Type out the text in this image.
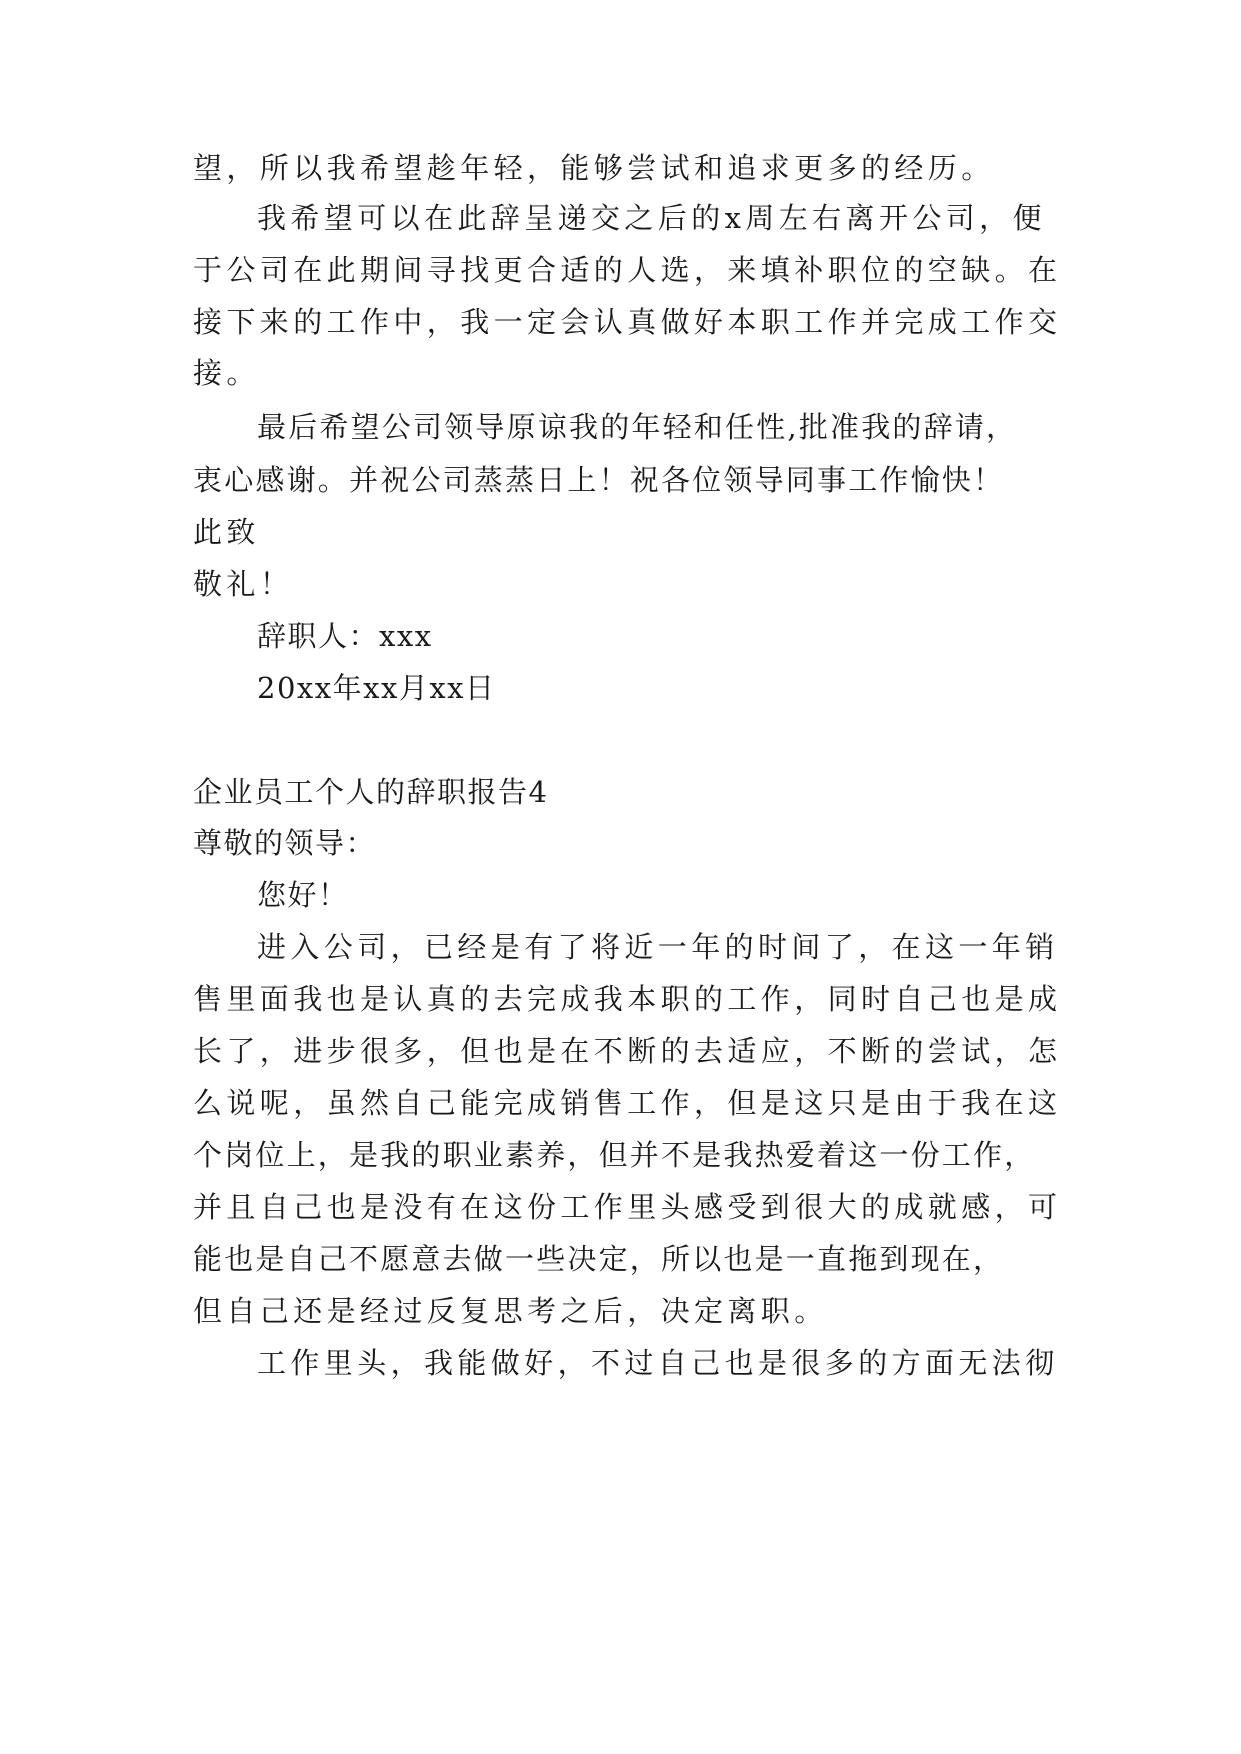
望，所以我希望趁年轻，能够尝试和追求更多的经历。
我希望可以在此辞呈递交之后的x周左右离开公司，便
于公司在此期间寻找更合适的人选，来填补职位的空缺。在
接下来的工作中，我一定会认真做好本职工作并完成工作交
接。
最后希望公司领导原谅我的年轻和任性,批准我的辞请，
衷心感谢。并祝公司蒸蒸日上！祝各位领导同事工作愉快！
此致
敬礼！
辞职人：xxx
20xx年xx月xx日
企业员工个人的辞职报告4
尊敬的领导：
您好！
进入公司，已经是有了将近一年的时间了，在这一年销
售里面我也是认真的去完成我本职的工作，同时自己也是成
长了，进步很多，但也是在不断的去适应，不断的尝试，怎
么说呢，虽然自己能完成销售工作，但是这只是由于我在这
个岗位上，是我的职业素养，但并不是我热爱着这一份工作，
并且自己也是没有在这份工作里头感受到很大的成就感，可
能也是自己不愿意去做一些决定，所以也是一直拖到现在，
但自己还是经过反复思考之后，决定离职。
工作里头，我能做好，不过自己也是很多的方面无法彻
